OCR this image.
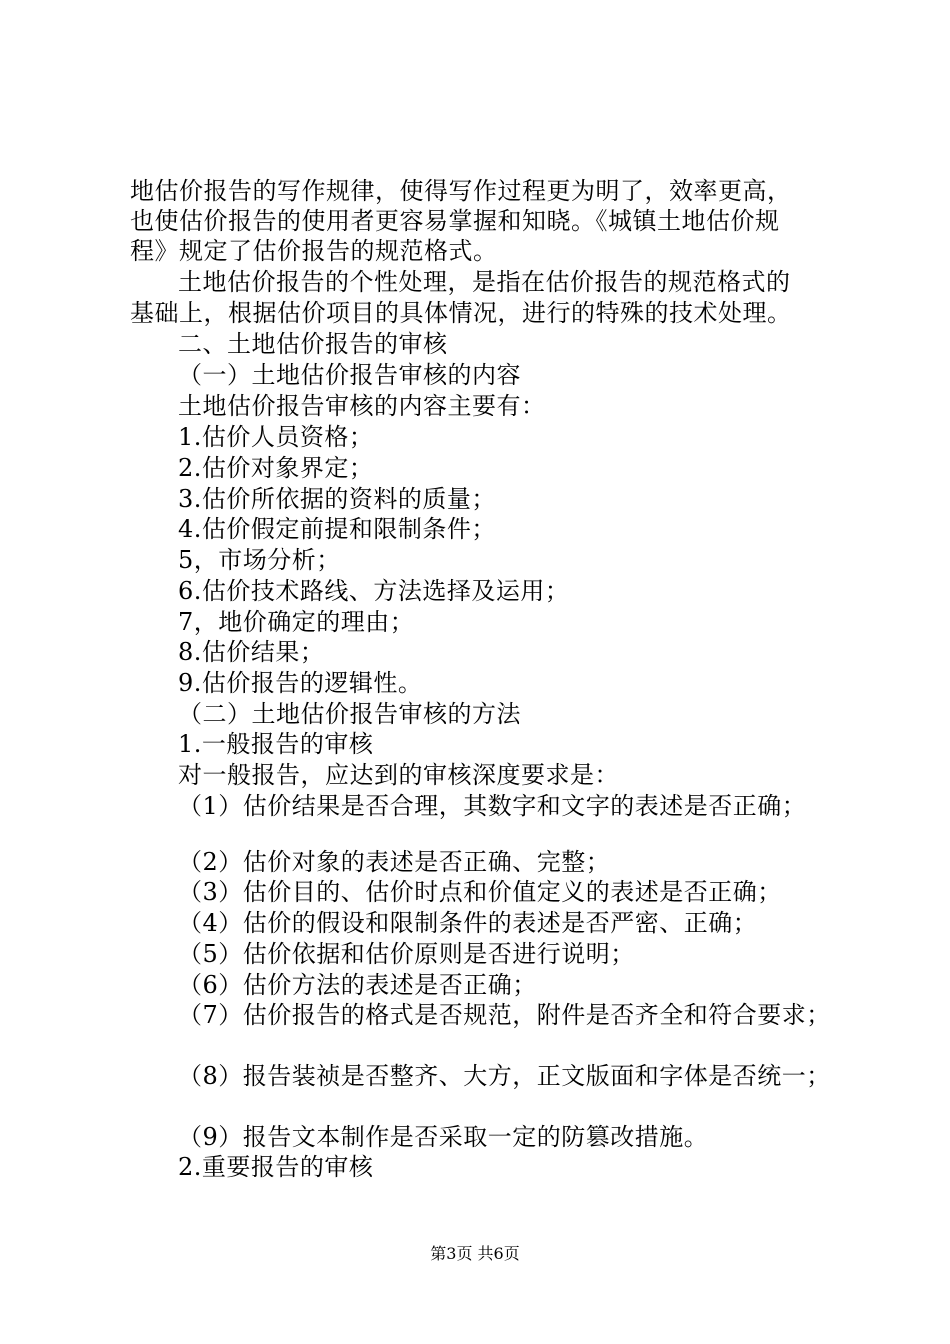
地估价报告的写作规律，使得写作过程更为明了，效率更高，
也使估价报告的使用者更容易掌握和知晓。《城镇土地估价规
程》规定了估价报告的规范格式。
土地估价报告的个性处理，是指在估价报告的规范格式的
基础上，根据估价项目的具体情况，进行的特殊的技术处理。
二、土地估价报告的审核
（一）土地估价报告审核的内容
土地估价报告审核的内容主要有：
1.估价人员资格；
2.估价对象界定；
3.估价所依据的资料的质量；
4.估价假定前提和限制条件；
5，市场分析；
6.估价技术路线、方法选择及运用；
7，地价确定的理由；
8.估价结果；
9.估价报告的逻辑性。
（二）土地估价报告审核的方法
1.一般报告的审核
对一般报告，应达到的审核深度要求是：
（1）估价结果是否合理，其数字和文字的表述是否正确；
（2）估价对象的表述是否正确、完整；
（3）估价目的、估价时点和价值定义的表述是否正确；
（4）估价的假设和限制条件的表述是否严密、正确；
（5）估价依据和估价原则是否进行说明；
（6）估价方法的表述是否正确；
（7）估价报告的格式是否规范，附件是否齐全和符合要求；
（8）报告装祯是否整齐、大方，正文版面和字体是否统一；
（9）报告文本制作是否采取一定的防篡改措施。
2.重要报告的审核
第3页 共6页
